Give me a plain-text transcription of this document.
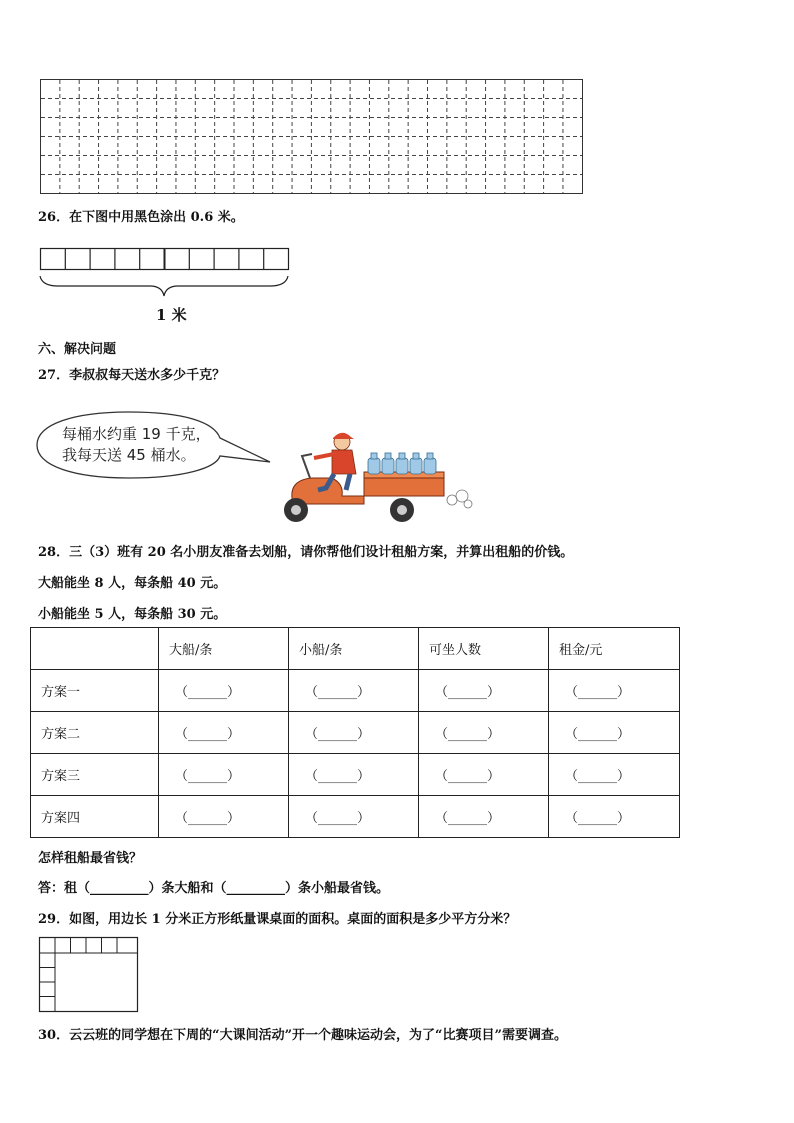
26．在下图中用黑色涂出 0.6 米。
1 米
六、解决问题
27．李叔叔每天送水多少千克？
每桶水约重 19 千克，
我每天送 45 桶水。
28．三（3）班有 20 名小朋友准备去划船，请你帮他们设计租船方案，并算出租船的价钱。
大船能坐 8 人，每条船 40 元。
小船能坐 5 人，每条船 30 元。
	大船/条	小船/条	可坐人数	租金/元
方案一	（______）	（______）	（______）	（______）
方案二	（______）	（______）	（______）	（______）
方案三	（______）	（______）	（______）	（______）
方案四	（______）	（______）	（______）	（______）
怎样租船最省钱？
答：租（_________）条大船和（_________）条小船最省钱。
29．如图，用边长 1 分米正方形纸量课桌面的面积。桌面的面积是多少平方分米？
30．云云班的同学想在下周的“大课间活动”开一个趣味运动会，为了“比赛项目”需要调查。
